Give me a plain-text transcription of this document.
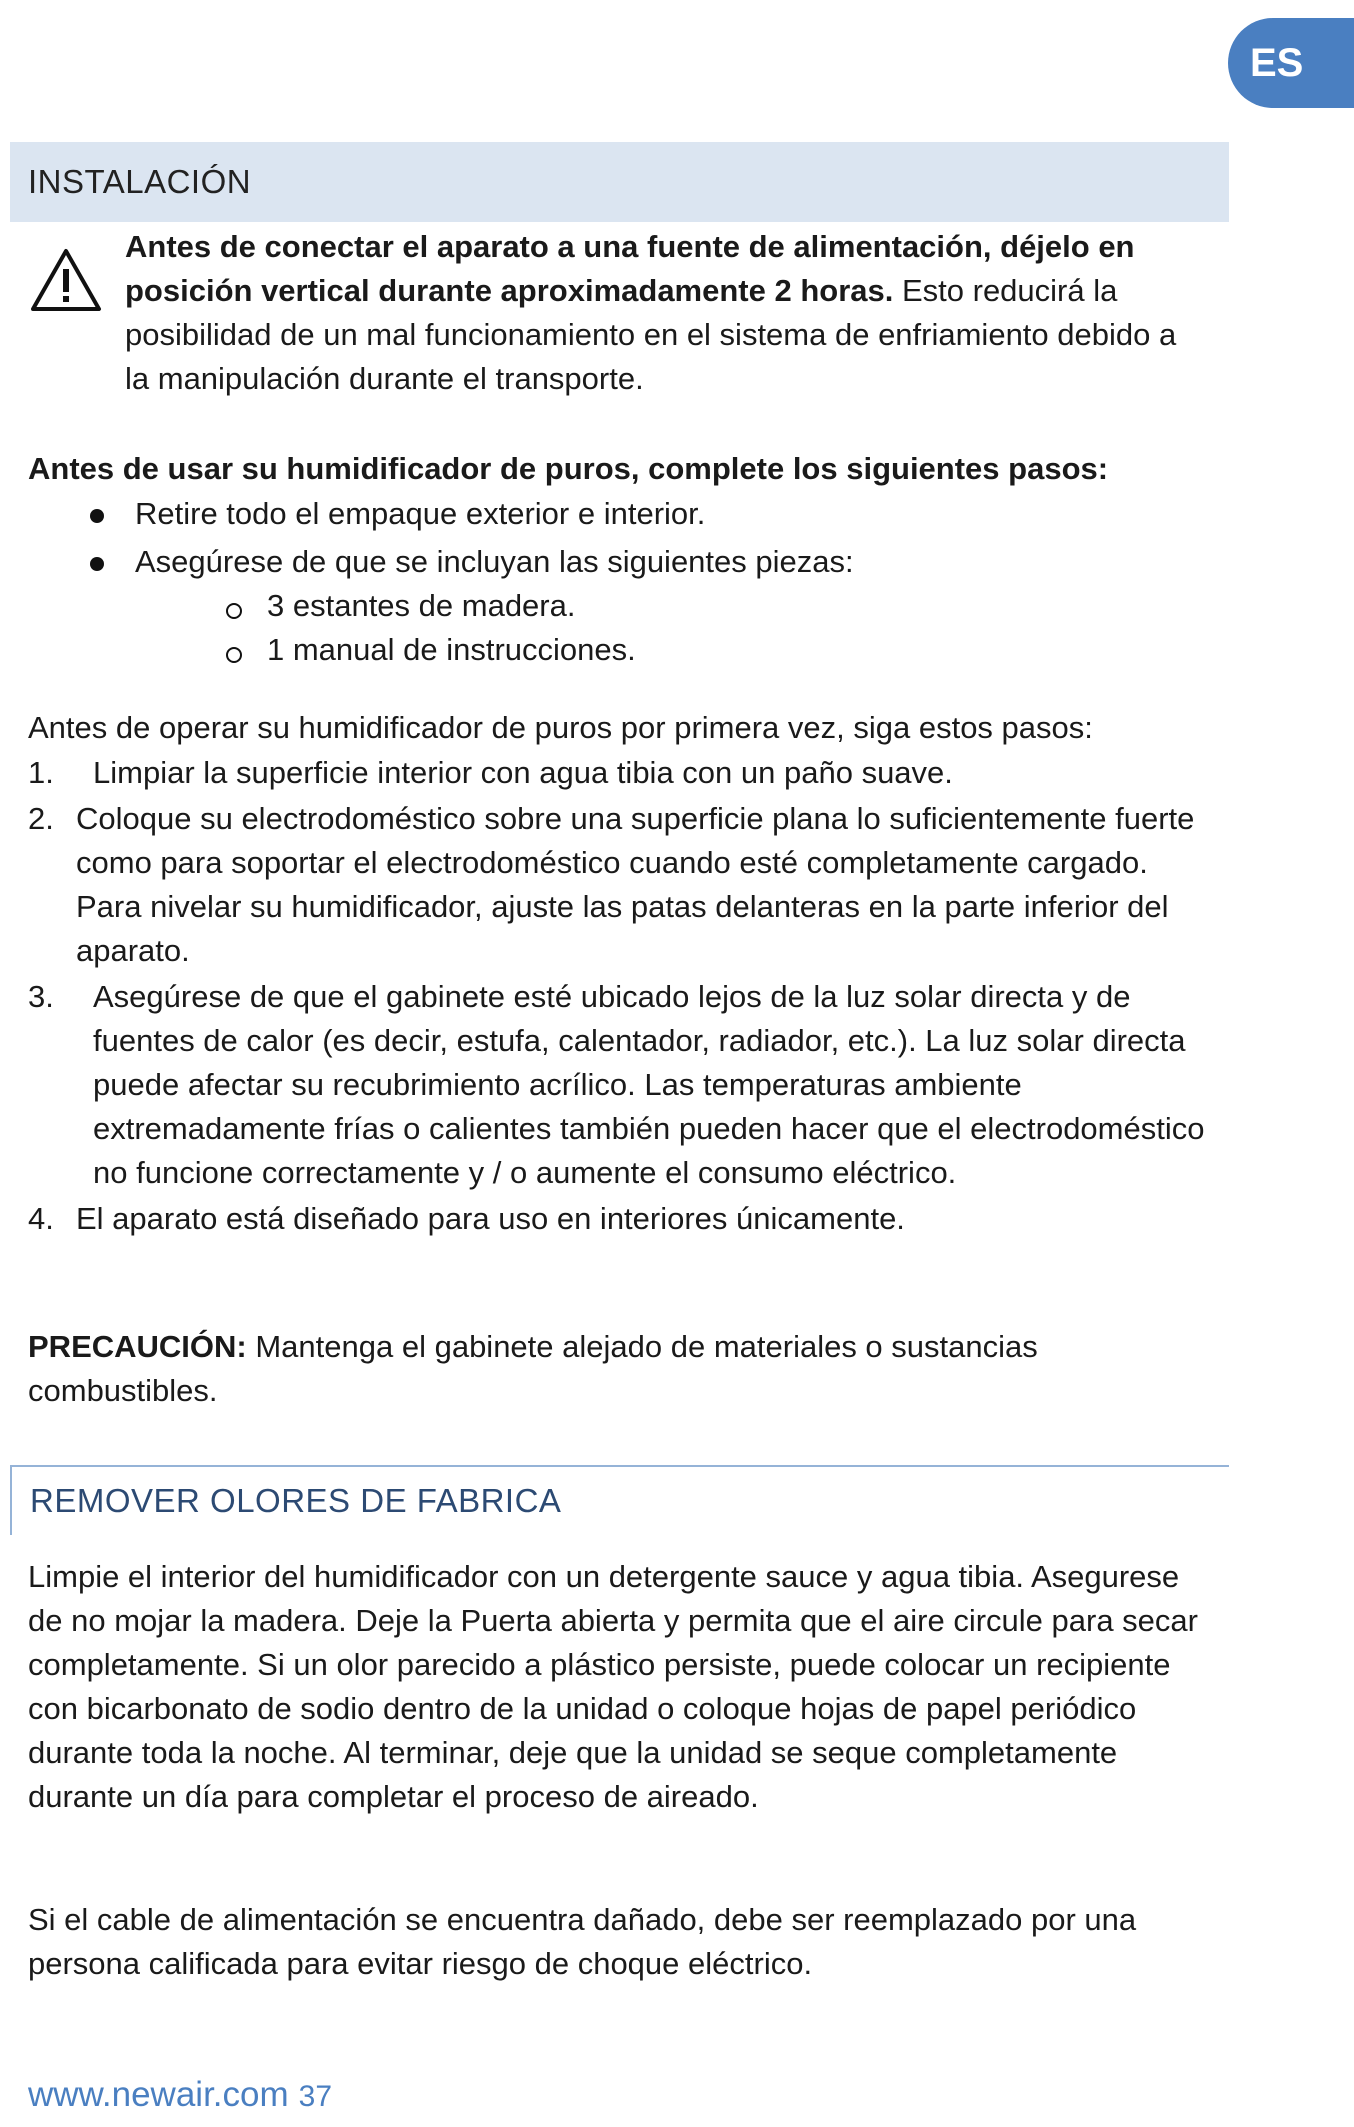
ES
INSTALACIÓN

Antes de conectar el aparato a una fuente de alimentación, déjelo en posición vertical durante aproximadamente 2 horas. Esto reducirá la posibilidad de un mal funcionamiento en el sistema de enfriamiento debido a la manipulación durante el transporte.

Antes de usar su humidificador de puros, complete los siguientes pasos:

Retire todo el empaque exterior e interior.
Asegúrese de que se incluyan las siguientes piezas:
3 estantes de madera.
1 manual de instrucciones.

Antes de operar su humidificador de puros por primera vez, siga estos pasos:

1.	Limpiar la superficie interior con agua tibia con un paño suave.
2. Coloque su electrodoméstico sobre una superficie plana lo suficientemente fuerte como para soportar el electrodoméstico cuando esté completamente cargado. Para nivelar su humidificador, ajuste las patas delanteras en la parte inferior del aparato.
3.	Asegúrese de que el gabinete esté ubicado lejos de la luz solar directa y de fuentes de calor (es decir, estufa, calentador, radiador, etc.). La luz solar directa puede afectar su recubrimiento acrílico. Las temperaturas ambiente extremadamente frías o calientes también pueden hacer que el electrodoméstico no funcione correctamente y / o aumente el consumo eléctrico.
4. El aparato está diseñado para uso en interiores únicamente.

PRECAUCIÓN: Mantenga el gabinete alejado de materiales o sustancias combustibles.

REMOVER OLORES DE FABRICA

Limpie el interior del humidificador con un detergente sauce y agua tibia. Asegurese de no mojar la madera. Deje la Puerta abierta y permita que el aire circule para secar completamente. Si un olor parecido a plástico persiste, puede colocar un recipiente con bicarbonato de sodio dentro de la unidad o coloque hojas de papel periódico durante toda la noche. Al terminar, deje que la unidad se seque completamente durante un día para completar el proceso de aireado.

Si el cable de alimentación se encuentra dañado, debe ser reemplazado por una persona calificada para evitar riesgo de choque eléctrico.

www.newair.com 37
